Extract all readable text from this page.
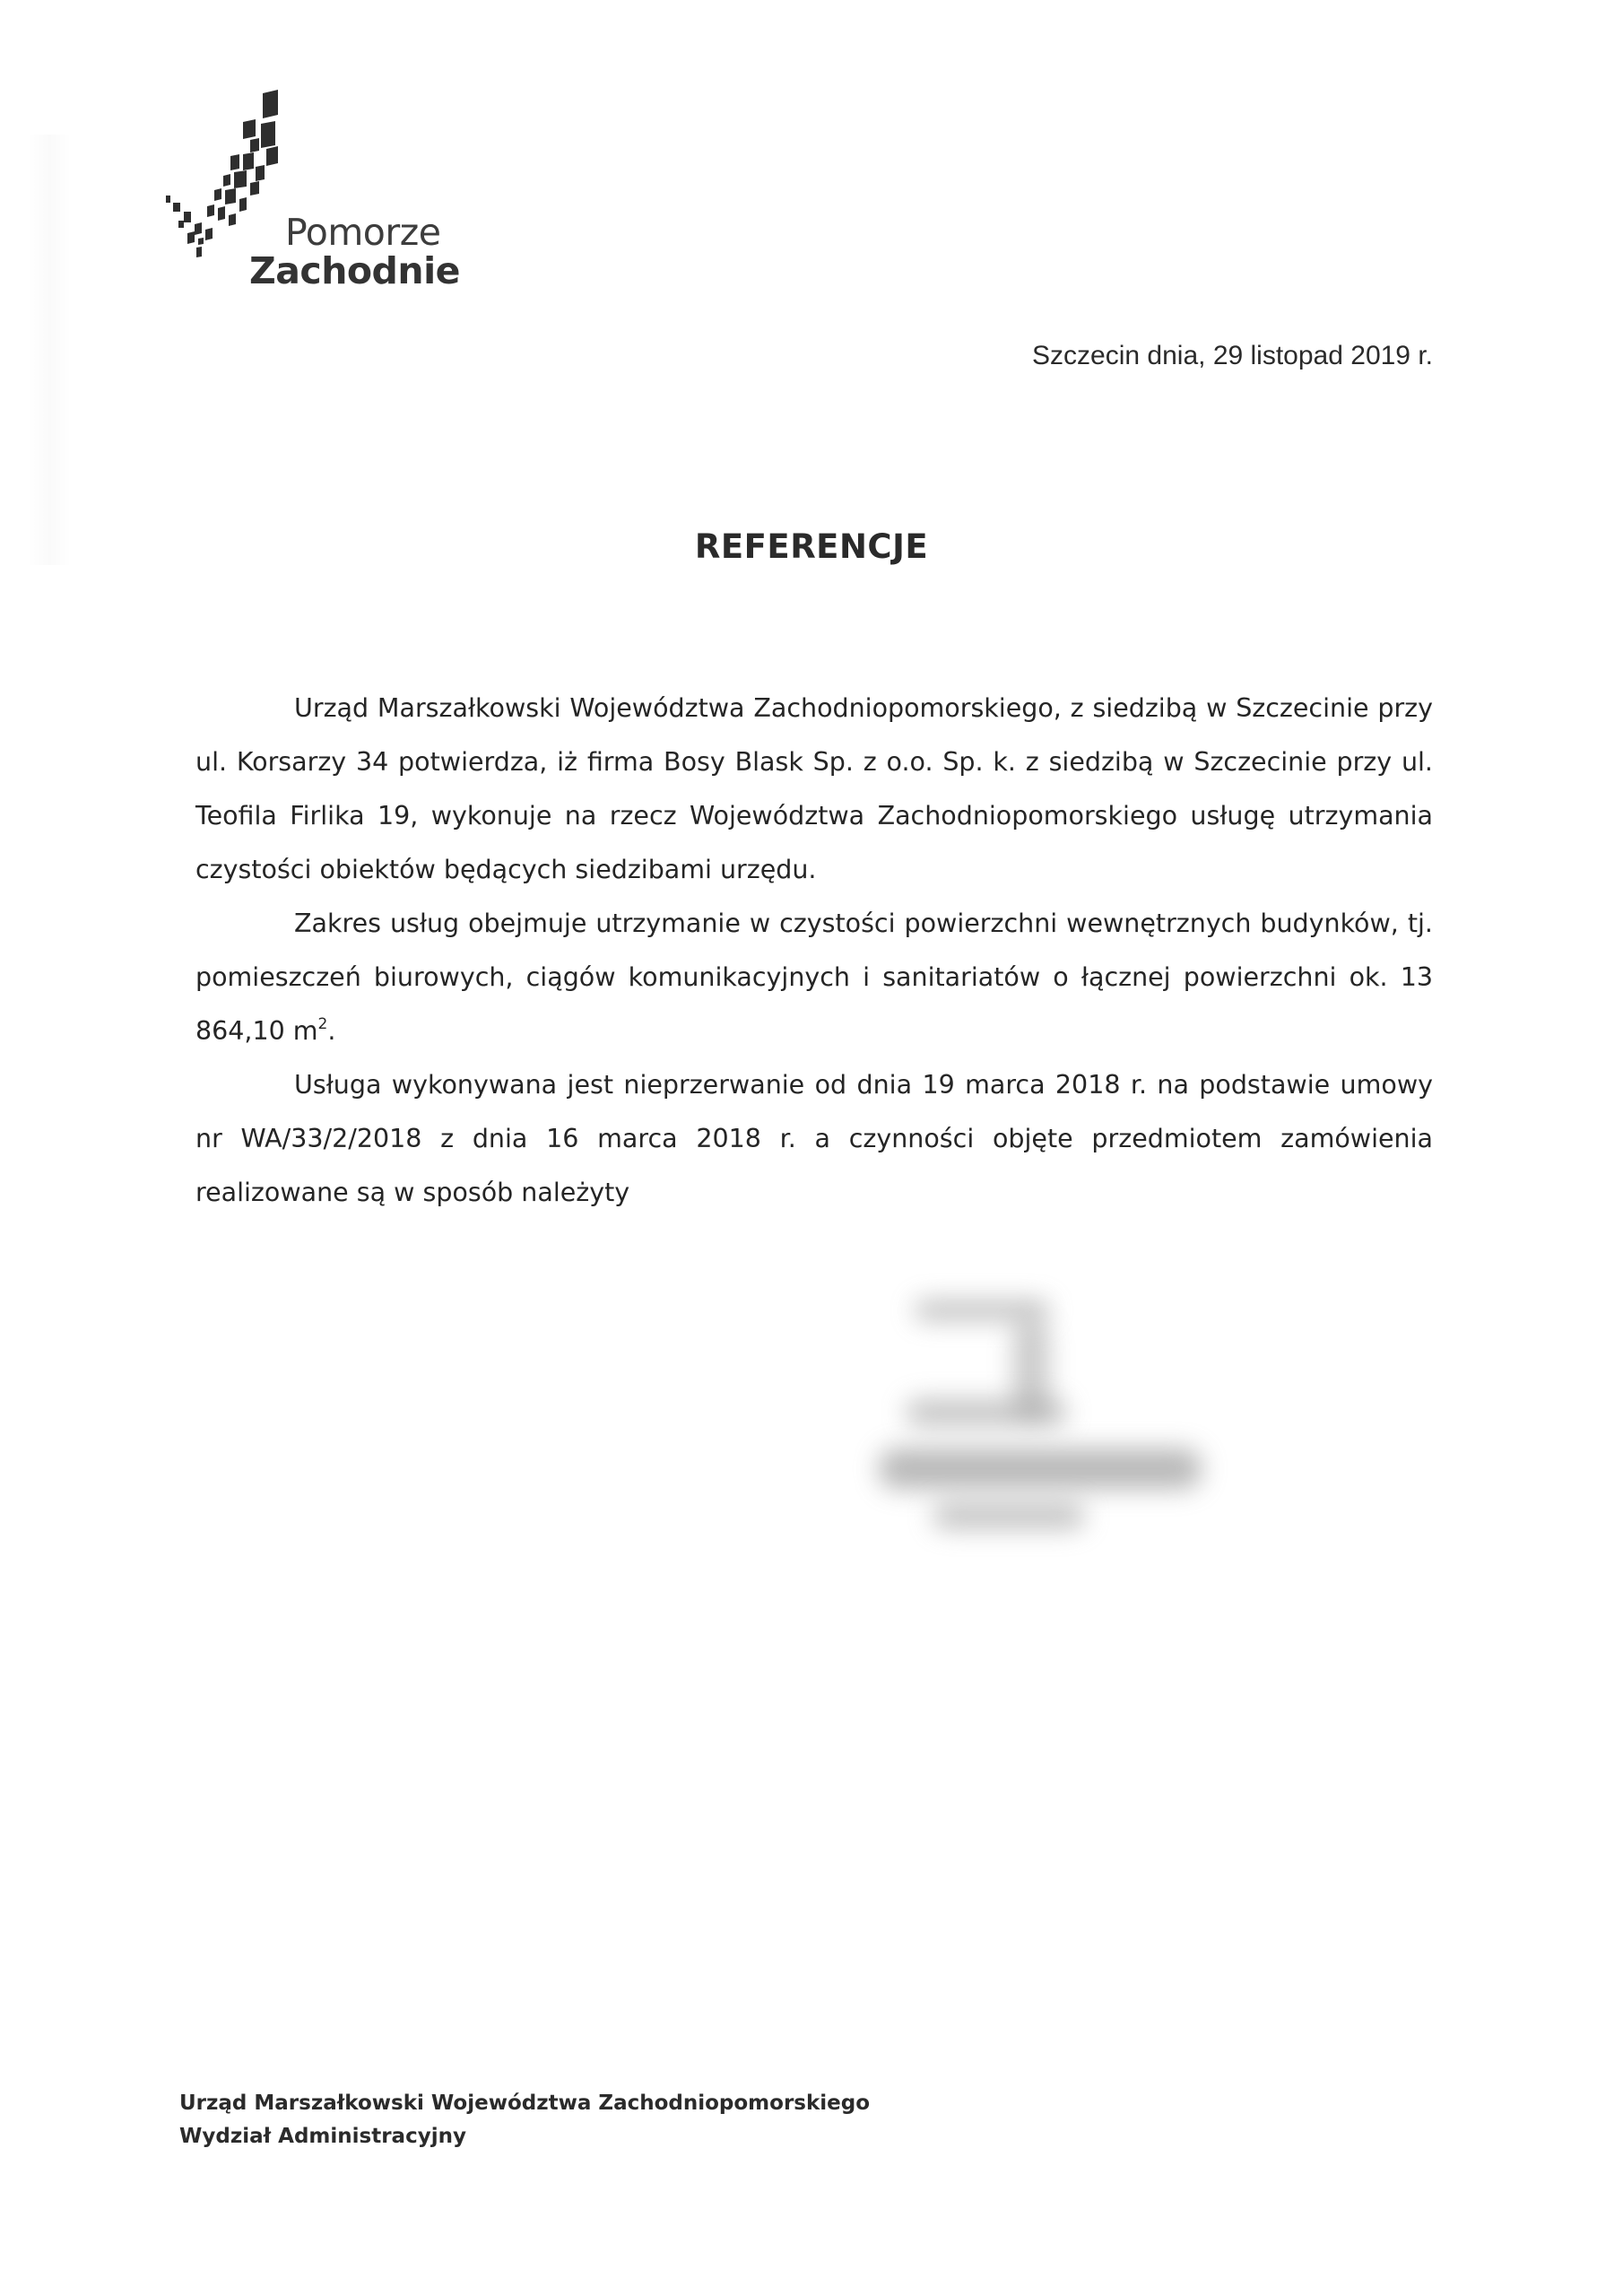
Pomorze
Zachodnie
Szczecin dnia, 29 listopad 2019 r.
REFERENCJE

Urząd Marszałkowski Województwa Zachodniopomorskiego, z siedzibą w Szczecinie przy ul. Korsarzy 34 potwierdza, iż firma Bosy Blask Sp. z o.o. Sp. k. z siedzibą w Szczecinie przy ul. Teofila Firlika 19, wykonuje na rzecz Województwa Zachodniopomorskiego usługę utrzymania czystości obiektów będących siedzibami urzędu.

Zakres usług obejmuje utrzymanie w czystości powierzchni wewnętrznych budynków, tj. pomieszczeń biurowych, ciągów komunikacyjnych i sanitariatów o łącznej powierzchni ok. 13 864,10 $m^2$.

Usługa wykonywana jest nieprzerwanie od dnia 19 marca 2018 r. na podstawie umowy nr WA/33/2/2018 z dnia 16 marca 2018 r. a czynności objęte przedmiotem zamówienia realizowane są w sposób należyty

Urząd Marszałkowski Województwa Zachodniopomorskiego
Wydział Administracyjny
